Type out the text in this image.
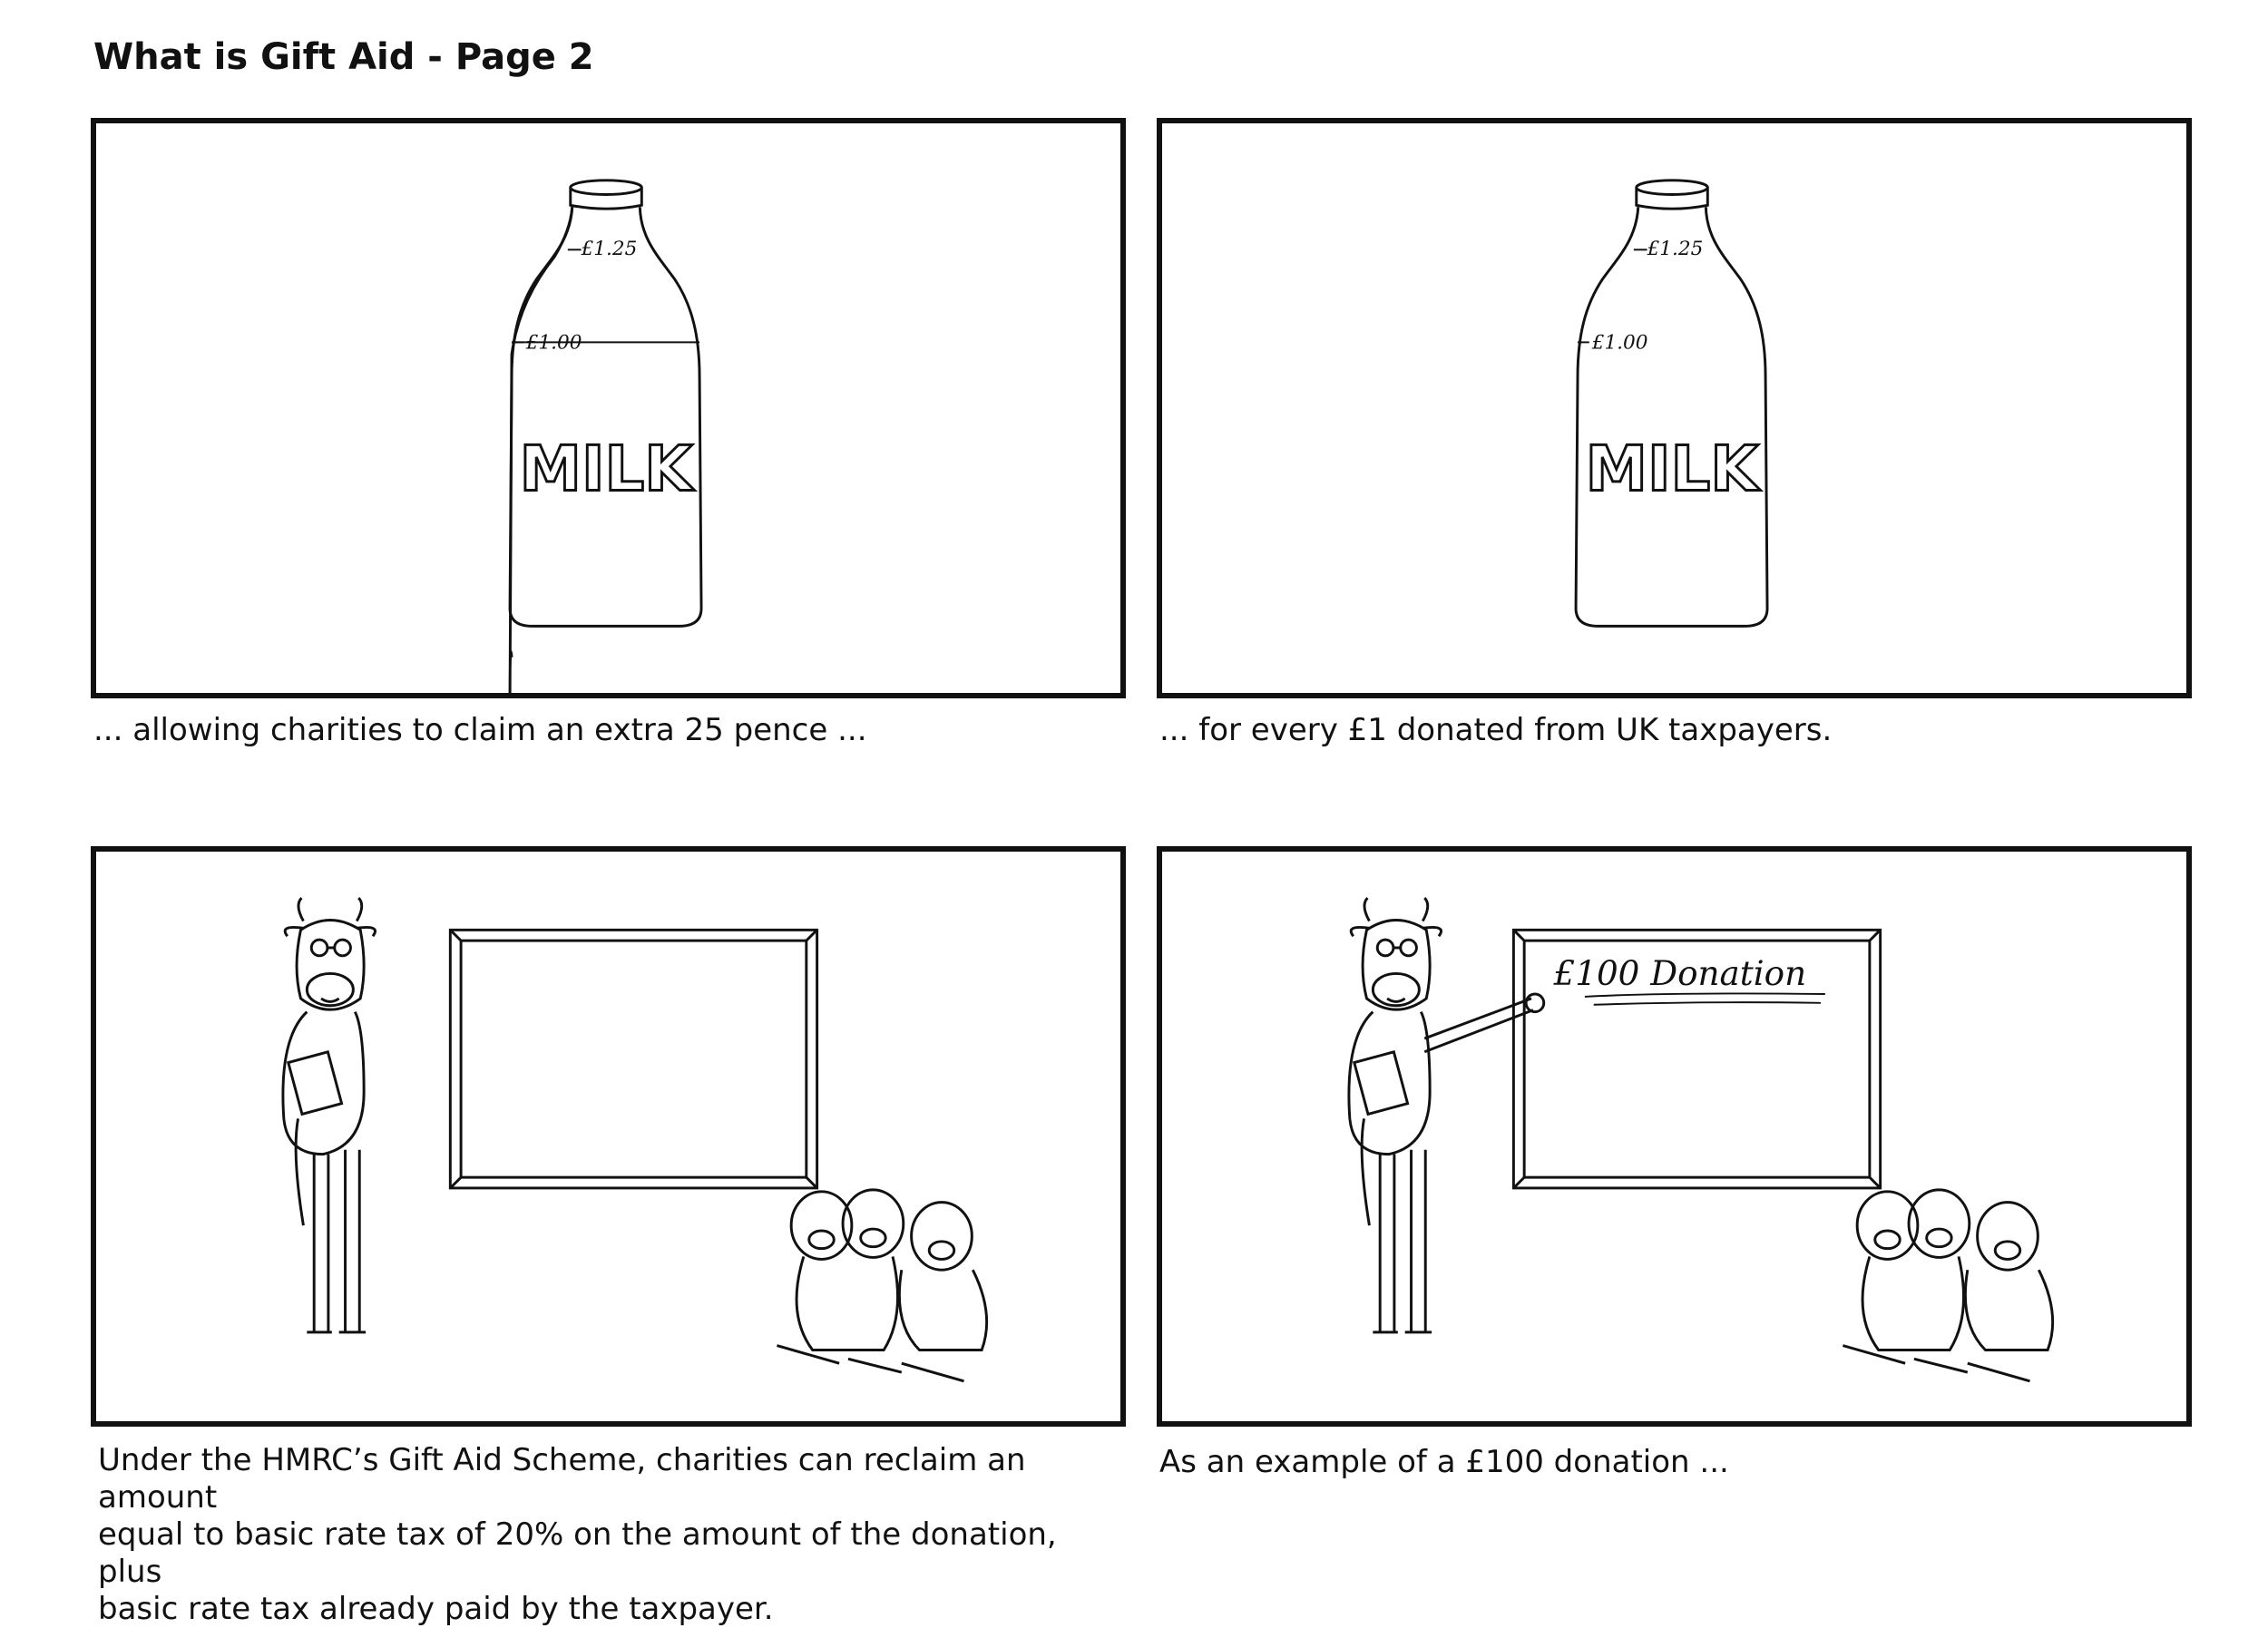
What is Gift Aid - Page 2
MILK
£1.25
£1.00
... allowing charities to claim an extra 25 pence ...
MILK
£1.25
£1.00
... for every £1 donated from UK taxpayers.
Under the HMRC’s Gift Aid Scheme, charities can reclaim an amount
equal to basic rate tax of 20% on the amount of the donation, plus
basic rate tax already paid by the taxpayer.
£100 Donation
As an example of a £100 donation ...
